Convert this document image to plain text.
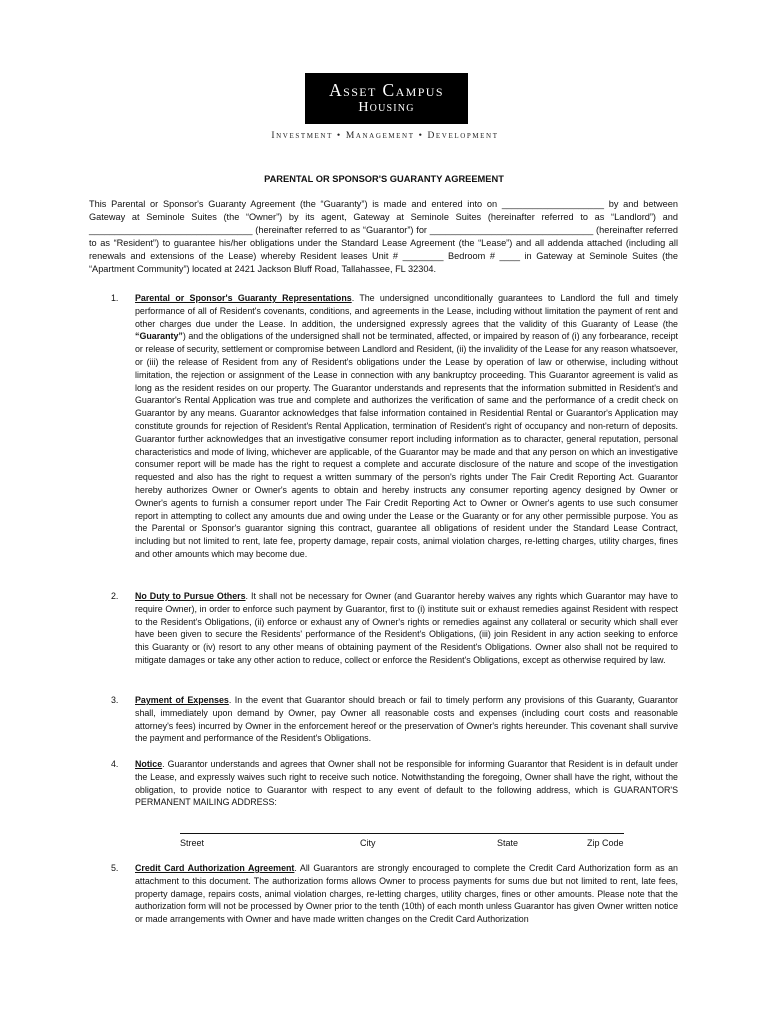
Asset Campus
Housing
Investment • Management • Development
PARENTAL OR SPONSOR'S GUARANTY AGREEMENT

This Parental or Sponsor's Guaranty Agreement (the “Guaranty”) is made and entered into on ____________________ by and between Gateway at Seminole Suites (the “Owner”) by its agent, Gateway at Seminole Suites (hereinafter referred to as “Landlord”) and ________________________________ (hereinafter referred to as “Guarantor”) for ________________________________ (hereinafter referred to as “Resident”) to guarantee his/her obligations under the Standard Lease Agreement (the “Lease”) and all addenda attached (including all renewals and extensions of the Lease) whereby Resident leases Unit # ________ Bedroom # ____ in Gateway at Seminole Suites (the “Apartment Community”) located at 2421 Jackson Bluff Road, Tallahassee, FL 32304.

1. Parental or Sponsor's Guaranty Representations. The undersigned unconditionally guarantees to Landlord the full and timely performance of all of Resident's covenants, conditions, and agreements in the Lease, including without limitation the payment of rent and other charges due under the Lease. In addition, the undersigned expressly agrees that the validity of this Guaranty of Lease (the “Guaranty”) and the obligations of the undersigned shall not be terminated, affected, or impaired by reason of (i) any forbearance, receipt or release of security, settlement or compromise between Landlord and Resident, (ii) the invalidity of the Lease for any reason whatsoever, or (iii) the release of Resident from any of Resident's obligations under the Lease by operation of law or otherwise, including without limitation, the rejection or assignment of the Lease in connection with any bankruptcy proceeding. This Guarantor agreement is valid as long as the resident resides on our property. The Guarantor understands and represents that the information submitted in Resident's and Guarantor's Rental Application was true and complete and authorizes the verification of same and the performance of a credit check on Guarantor by any means. Guarantor acknowledges that false information contained in Residential Rental or Guarantor's Application may constitute grounds for rejection of Resident's Rental Application, termination of Resident's right of occupancy and non-return of deposits. Guarantor further acknowledges that an investigative consumer report including information as to character, general reputation, personal characteristics and mode of living, whichever are applicable, of the Guarantor may be made and that any person on which an investigative consumer report will be made has the right to request a complete and accurate disclosure of the nature and scope of the investigation requested and also has the right to request a written summary of the person's rights under The Fair Credit Reporting Act. Guarantor hereby authorizes Owner or Owner's agents to obtain and hereby instructs any consumer reporting agency designed by Owner or Owner's agents to furnish a consumer report under The Fair Credit Reporting Act to Owner or Owner's agents to use such consumer report in attempting to collect any amounts due and owing under the Lease or the Guaranty or for any other permissible purpose. You as the Parental or Sponsor's guarantor signing this contract, guarantee all obligations of resident under the Standard Lease Contract, including but not limited to rent, late fee, property damage, repair costs, animal violation charges, re-letting charges, utility charges, fines and other amounts which may become due.
2. No Duty to Pursue Others. It shall not be necessary for Owner (and Guarantor hereby waives any rights which Guarantor may have to require Owner), in order to enforce such payment by Guarantor, first to (i) institute suit or exhaust remedies against Resident with respect to the Resident's Obligations, (ii) enforce or exhaust any of Owner's rights or remedies against any collateral or security which shall ever have been given to secure the Residents' performance of the Resident's Obligations, (iii) join Resident in any action seeking to enforce this Guaranty or (iv) resort to any other means of obtaining payment of the Resident's Obligations. Owner also shall not be required to mitigate damages or take any other action to reduce, collect or enforce the Resident's Obligations, except as otherwise required by law.
3. Payment of Expenses. In the event that Guarantor should breach or fail to timely perform any provisions of this Guaranty, Guarantor shall, immediately upon demand by Owner, pay Owner all reasonable costs and expenses (including court costs and reasonable attorney's fees) incurred by Owner in the enforcement hereof or the preservation of Owner's rights hereunder. This covenant shall survive the payment and performance of the Resident's Obligations.
4. Notice. Guarantor understands and agrees that Owner shall not be responsible for informing Guarantor that Resident is in default under the Lease, and expressly waives such right to receive such notice. Notwithstanding the foregoing, Owner shall have the right, without the obligation, to provide notice to Guarantor with respect to any event of default to the following address, which is GUARANTOR'S PERMANENT MAILING ADDRESS:
Street	City	State	Zip Code
5. Credit Card Authorization Agreement. All Guarantors are strongly encouraged to complete the Credit Card Authorization form as an attachment to this document. The authorization forms allows Owner to process payments for sums due but not limited to rent, late fees, property damage, repairs costs, animal violation charges, re-letting charges, utility charges, fines or other amounts. Please note that the authorization form will not be processed by Owner prior to the tenth (10th) of each month unless Guarantor has given Owner written notice or made arrangements with Owner and have made written changes on the Credit Card Authorization
